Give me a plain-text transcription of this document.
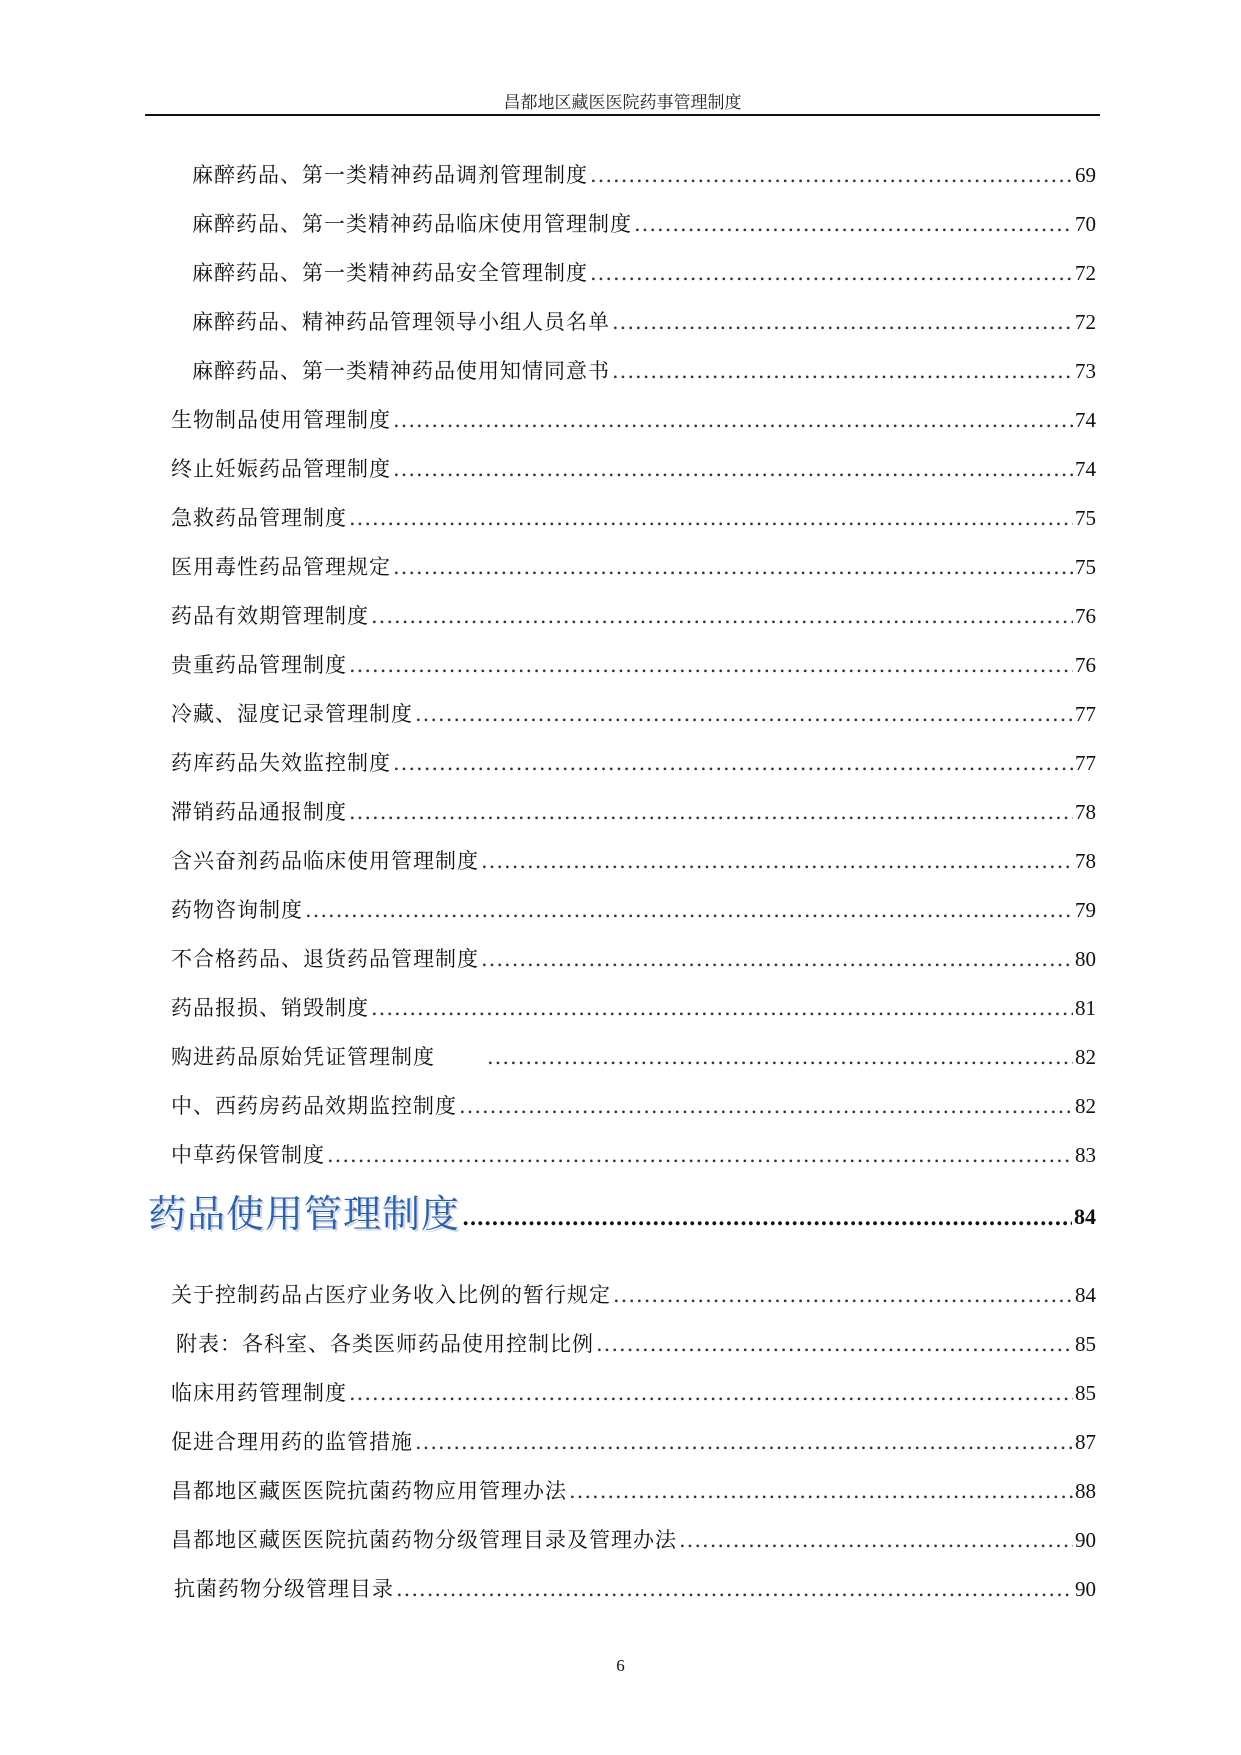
昌都地区藏医医院药事管理制度
麻醉药品、第一类精神药品调剂管理制度 .....	69
麻醉药品、第一类精神药品临床使用管理制度 .....	70
麻醉药品、第一类精神药品安全管理制度 .....	72
麻醉药品、精神药品管理领导小组人员名单 .....	72
麻醉药品、第一类精神药品使用知情同意书 .....	73
生物制品使用管理制度 .....	74
终止妊娠药品管理制度 .....	74
急救药品管理制度 .....	75
医用毒性药品管理规定 .....	75
药品有效期管理制度 .....	76
贵重药品管理制度 .....	76
冷藏、湿度记录管理制度 .....	77
药库药品失效监控制度 .....	77
滞销药品通报制度 .....	78
含兴奋剂药品临床使用管理制度 .....	78
药物咨询制度 .....	79
不合格药品、退货药品管理制度 .....	80
药品报损、销毁制度 .....	81
购进药品原始凭证管理制度 .....	82
中、西药房药品效期监控制度 .....	82
中草药保管制度 .....	83
药品使用管理制度 .....	84
关于控制药品占医疗业务收入比例的暂行规定 .....	84
附表：各科室、各类医师药品使用控制比例 .....	85
临床用药管理制度 .....	85
促进合理用药的监管措施 .....	87
昌都地区藏医医院抗菌药物应用管理办法 .....	88
昌都地区藏医医院抗菌药物分级管理目录及管理办法 .....	90
抗菌药物分级管理目录 .....	90
6
